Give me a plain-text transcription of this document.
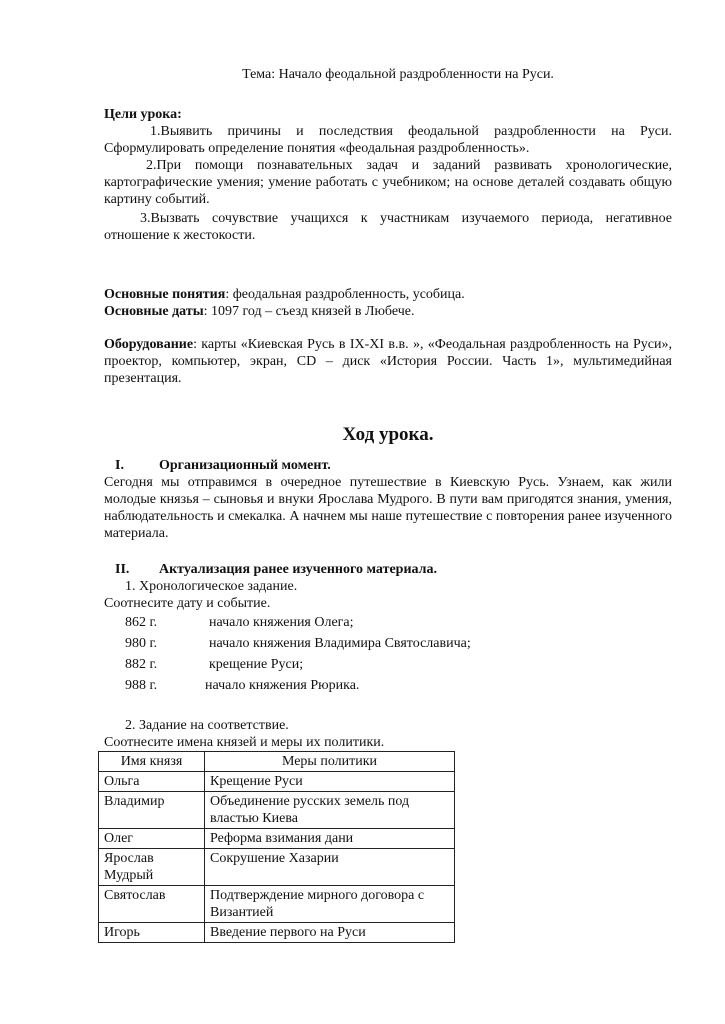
Тема: Начало феодальной раздробленности на Руси.

Цели урока:

1.Выявить причины и последствия феодальной раздробленности на Руси. Сформулировать определение понятия «феодальная раздробленность».

2.При помощи познавательных задач и заданий развивать хронологические, картографические умения; умение работать с учебником; на основе деталей создавать общую картину событий.

3.Вызвать сочувствие учащихся к участникам изучаемого периода, негативное отношение к жестокости.

Основные понятия: феодальная раздробленность, усобица.

Основные даты: 1097 год – съезд князей в Любече.

Оборудование: карты «Киевская Русь в IX-XI в.в. », «Феодальная раздробленность на Руси», проектор, компьютер, экран, CD – диск «История России. Часть 1», мультимедийная презентация.

Ход урока.

I.	Организационный момент.

Сегодня мы отправимся в очередное путешествие в Киевскую Русь. Узнаем, как жили молодые князья – сыновья и внуки Ярослава Мудрого. В пути вам пригодятся знания, умения, наблюдательность и смекалка. А начнем мы наше путешествие с повторения ранее изученного материала.

II.	Актуализация ранее изученного материала.

1. Хронологическое задание.

Соотнесите дату и событие.

862 г.	начало княжения Олега;
980 г.	начало княжения Владимира Святославича;
882 г.	крещение Руси;
988 г.	начало княжения Рюрика.

2. Задание на соответствие.

Соотнесите имена князей и меры их политики.

Имя князя	Меры политики
Ольга	Крещение Руси
Владимир	Объединение русских земель под властью Киева
Олег	Реформа взимания дани
Ярослав Мудрый	Сокрушение Хазарии
Святослав	Подтверждение мирного договора с Византией
Игорь	Введение первого на Руси
